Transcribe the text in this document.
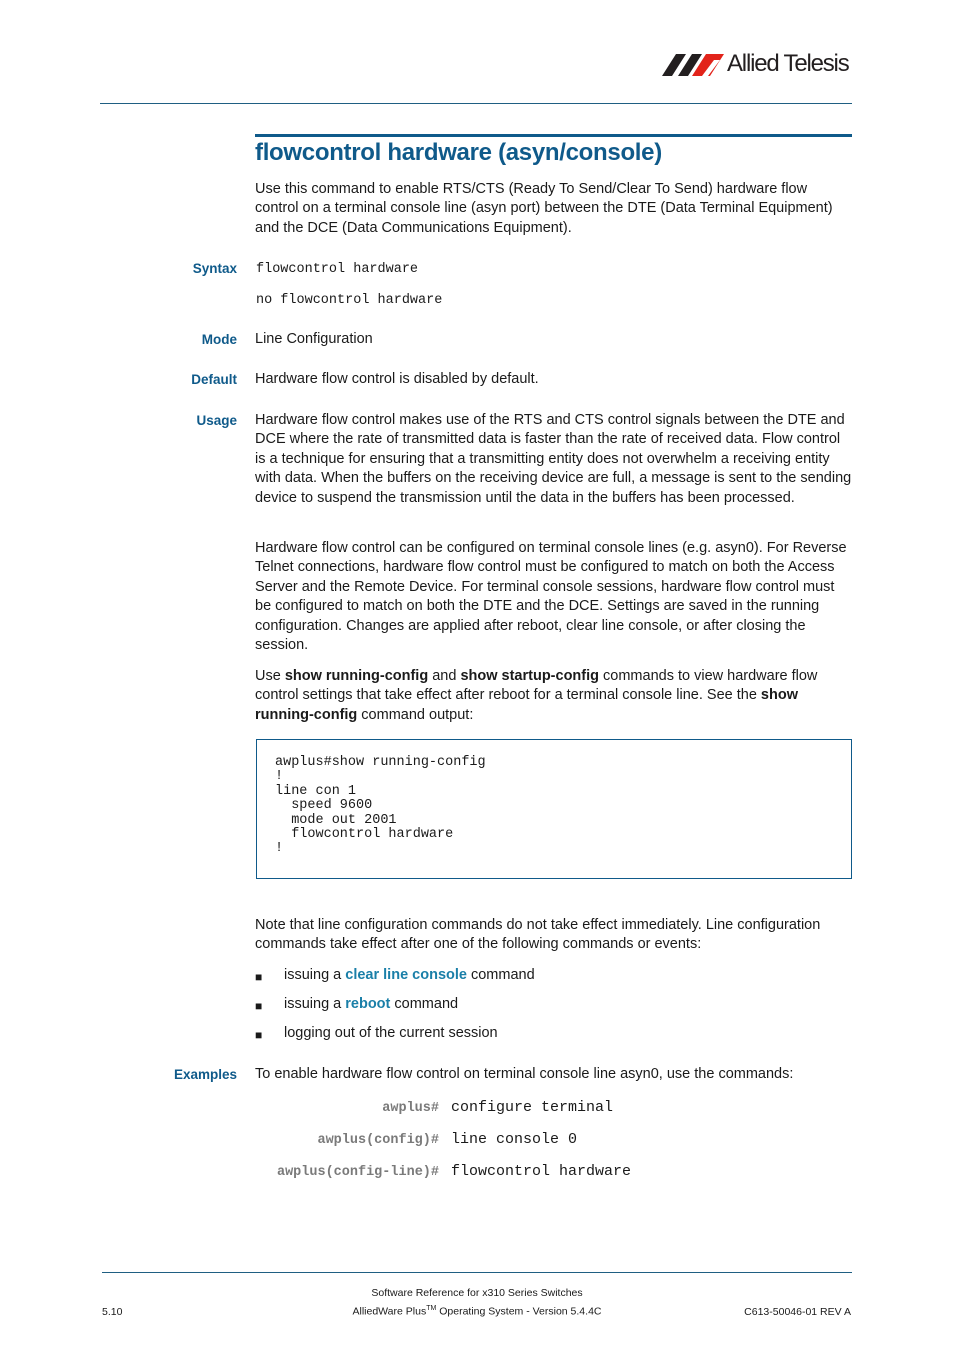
Allied Telesis
flowcontrol hardware (asyn/console)

Use this command to enable RTS/CTS (Ready To Send/Clear To Send) hardware flow control on a terminal console line (asyn port) between the DTE (Data Terminal Equipment) and the DCE (Data Communications Equipment).

Syntax flowcontrol hardware

no flowcontrol hardware

Mode Line Configuration

Default Hardware flow control is disabled by default.

Usage Hardware flow control makes use of the RTS and CTS control signals between the DTE and DCE where the rate of transmitted data is faster than the rate of received data. Flow control is a technique for ensuring that a transmitting entity does not overwhelm a receiving entity with data. When the buffers on the receiving device are full, a message is sent to the sending device to suspend the transmission until the data in the buffers has been processed.

Hardware flow control can be configured on terminal console lines (e.g. asyn0). For Reverse Telnet connections, hardware flow control must be configured to match on both the Access Server and the Remote Device. For terminal console sessions, hardware flow control must be configured to match on both the DTE and the DCE. Settings are saved in the running configuration. Changes are applied after reboot, clear line console, or after closing the session.

Use show running-config and show startup-config commands to view hardware flow control settings that take effect after reboot for a terminal console line. See the show running-config command output:

awplus#show running-config
!
line con 1
speed 9600
mode out 2001
flowcontrol hardware
!

Note that line configuration commands do not take effect immediately. Line configuration commands take effect after one of the following commands or events:

■ issuing a clear line console command

■ issuing a reboot command

■ logging out of the current session

Examples To enable hardware flow control on terminal console line asyn0, use the commands:

awplus# configure terminal

awplus(config)# line console 0

awplus(config-line)# flowcontrol hardware

Software Reference for x310 Series Switches

AlliedWare Plus™ Operating System - Version 5.4.4C

5.10	C613-50046-01 REV A
